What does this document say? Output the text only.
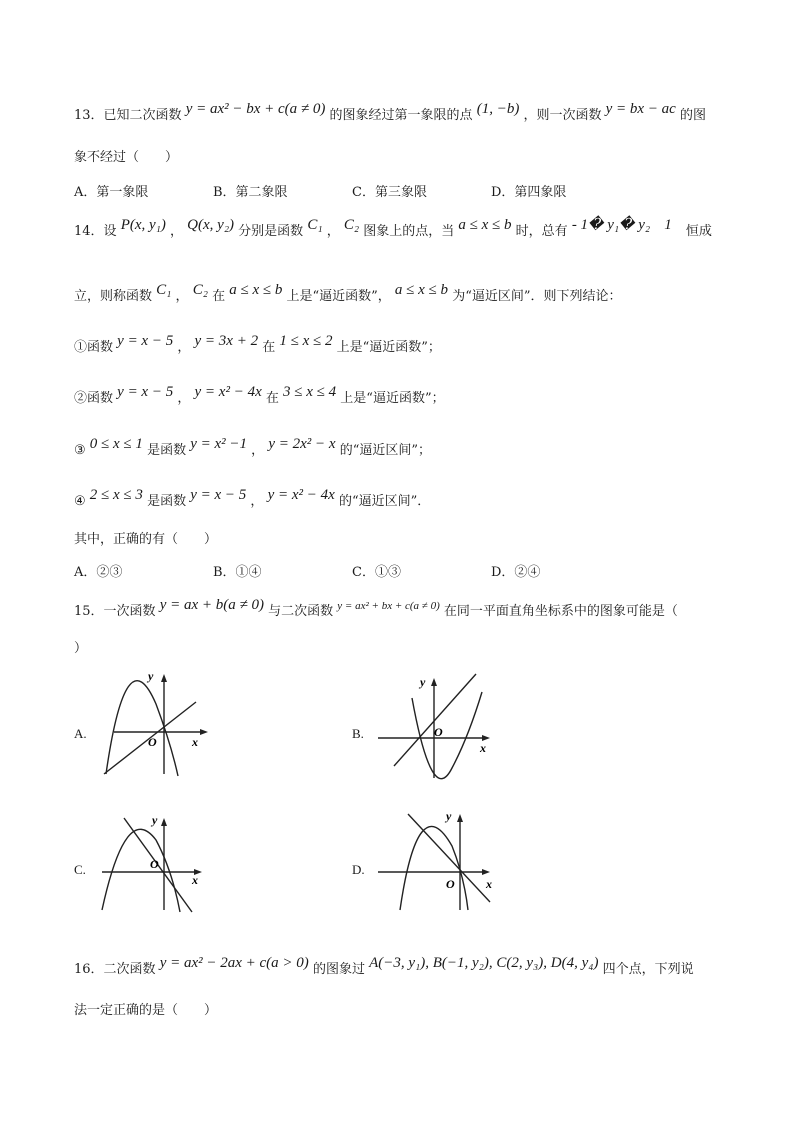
13．已知二次函数 y = ax² − bx + c(a ≠ 0) 的图象经过第一象限的点 (1, −b) ，则一次函数 y = bx − ac 的图
象不经过（　　）
A．第一象限	B．第二象限	C．第三象限	D．第四象限
14．设 P(x, y₁) ， Q(x, y₂) 分别是函数 C₁ ， C₂ 图象上的点，当 a ≤ x ≤ b 时，总有 - 1� y₁� y₂ 1 恒成
立，则称函数 C₁ ， C₂ 在 a ≤ x ≤ b 上是“逼近函数”， a ≤ x ≤ b 为“逼近区间”．则下列结论：
①函数 y = x − 5 ， y = 3x + 2 在 1 ≤ x ≤ 2 上是“逼近函数”；
②函数 y = x − 5 ， y = x² − 4x 在 3 ≤ x ≤ 4 上是“逼近函数”；
③ 0 ≤ x ≤ 1 是函数 y = x² −1 ， y = 2x² − x 的“逼近区间”；
④ 2 ≤ x ≤ 3 是函数 y = x − 5 ， y = x² − 4x 的“逼近区间”．
其中，正确的有（　　）
A．②③	B．①④	C．①③	D．②④
15．一次函数 y = ax + b(a ≠ 0) 与二次函数 $^{y = ax^2 + bx + c(a \ne 0)}$ 在同一平面直角坐标系中的图象可能是（
）
A.	B.
C.	D.
y
x
O
y
x
O
y
x
O
y
x
O
16．二次函数 y = ax² − 2ax + c(a > 0) 的图象过 A(−3, y₁), B(−1, y₂), C(2, y₃), D(4, y₄) 四个点，下列说
法一定正确的是（　　）
